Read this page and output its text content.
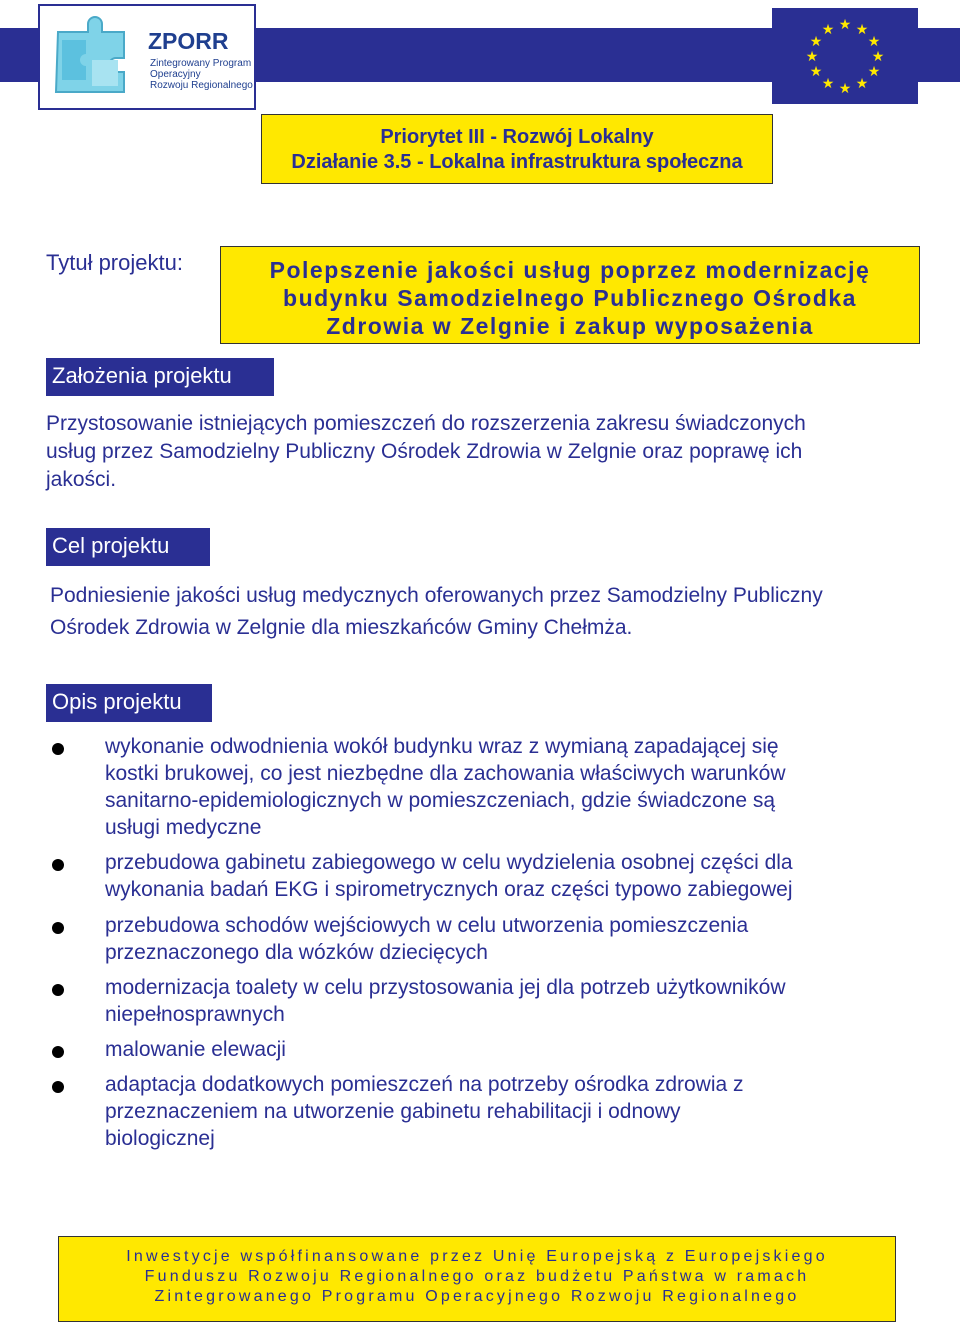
ZPORR
Zintegrowany Program
Operacyjny
Rozwoju Regionalnego
★ ★
★
★
★
★
★
★
★
★
★
★
Priorytet III - Rozwój Lokalny
Działanie 3.5 - Lokalna infrastruktura społeczna
Tytuł projektu:	Polepszenie jakości usług poprzez modernizację
budynku Samodzielnego Publicznego Ośrodka
Zdrowia w Zelgnie i zakup wyposażenia
Założenia projektu
Przystosowanie istniejących pomieszczeń do rozszerzenia zakresu świadczonych
usług przez Samodzielny Publiczny Ośrodek Zdrowia w Zelgnie oraz poprawę ich
jakości.
Cel projektu
Podniesienie jakości usług medycznych oferowanych przez Samodzielny Publiczny
Ośrodek Zdrowia w Zelgnie dla mieszkańców Gminy Chełmża.
Opis projektu
wykonanie odwodnienia wokół budynku wraz z wymianą zapadającej się
kostki brukowej, co jest niezbędne dla zachowania właściwych warunków
sanitarno-epidemiologicznych w pomieszczeniach, gdzie świadczone są
usługi medyczne
przebudowa gabinetu zabiegowego w celu wydzielenia osobnej części dla
wykonania badań EKG i spirometrycznych oraz części typowo zabiegowej
przebudowa schodów wejściowych w celu utworzenia pomieszczenia
przeznaczonego dla wózków dziecięcych
modernizacja toalety w celu przystosowania jej dla potrzeb użytkowników
niepełnosprawnych
malowanie elewacji
adaptacja dodatkowych pomieszczeń na potrzeby ośrodka zdrowia z
przeznaczeniem na utworzenie gabinetu rehabilitacji i odnowy
biologicznej
Inwestycje współfinansowane przez Unię Europejską z Europejskiego
Funduszu Rozwoju Regionalnego oraz budżetu Państwa w ramach
Zintegrowanego Programu Operacyjnego Rozwoju Regionalnego
